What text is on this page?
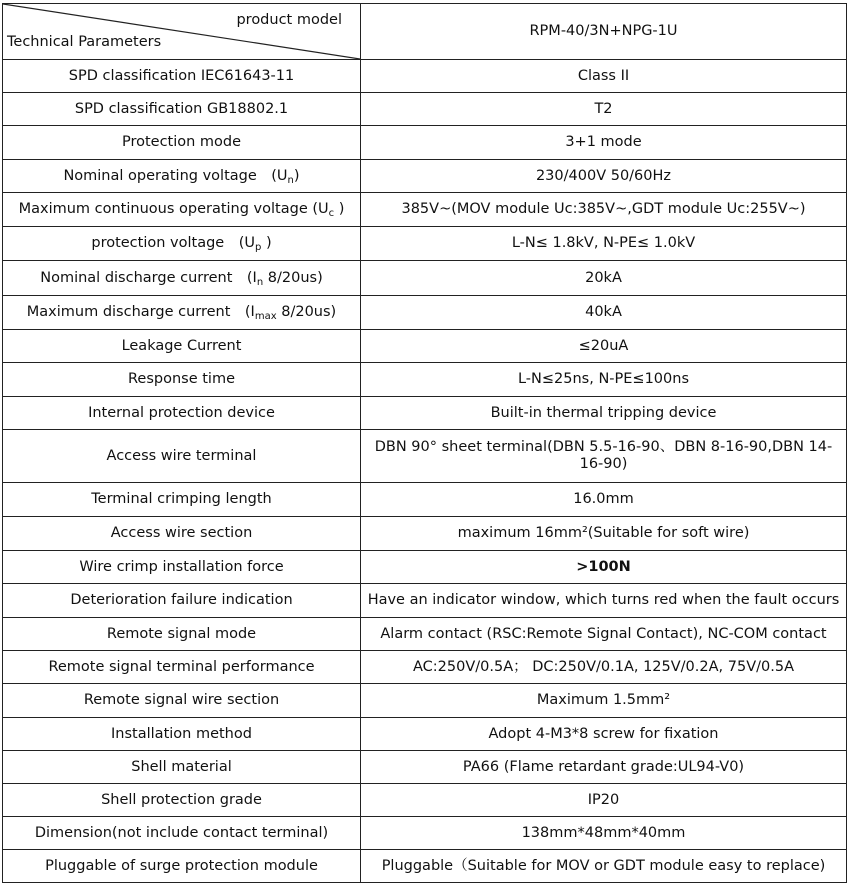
product model
Technical Parameters	RPM-40/3N+NPG-1U
SPD classification IEC61643-11	Class II
SPD classification GB18802.1	T2
Protection mode	3+1 mode
Nominal operating voltage　$(U_n)$	230/400V 50/60Hz
Maximum continuous operating voltage ($U_c$ )	385V~(MOV module Uc:385V~,GDT module Uc:255V~)
protection voltage　($U_p$ )	L-N≤ 1.8kV, N-PE≤ 1.0kV
Nominal discharge current　($I_n$ 8/20us)	20kA
Maximum discharge current　($I_{max}$ 8/20us)	40kA
Leakage Current	≤20uA
Response time	L-N≤25ns, N-PE≤100ns
Internal protection device	Built-in thermal tripping device
Access wire terminal	DBN 90° sheet terminal(DBN 5.5-16-90、DBN 8-16-90,DBN 14-16-90)
Terminal crimping length	16.0mm
Access wire section	maximum 16mm²(Suitable for soft wire)
Wire crimp installation force	>100N
Deterioration failure indication	Have an indicator window, which turns red when the fault occurs
Remote signal mode	Alarm contact (RSC:Remote Signal Contact), NC-COM contact
Remote signal terminal performance	AC:250V/0.5A； DC:250V/0.1A, 125V/0.2A, 75V/0.5A
Remote signal wire section	Maximum 1.5mm²
Installation method	Adopt 4-M3*8 screw for fixation
Shell material	PA66 (Flame retardant grade:UL94-V0)
Shell protection grade	IP20
Dimension(not include contact terminal)	138mm*48mm*40mm
Pluggable of surge protection module	Pluggable（Suitable for MOV or GDT module easy to replace)
